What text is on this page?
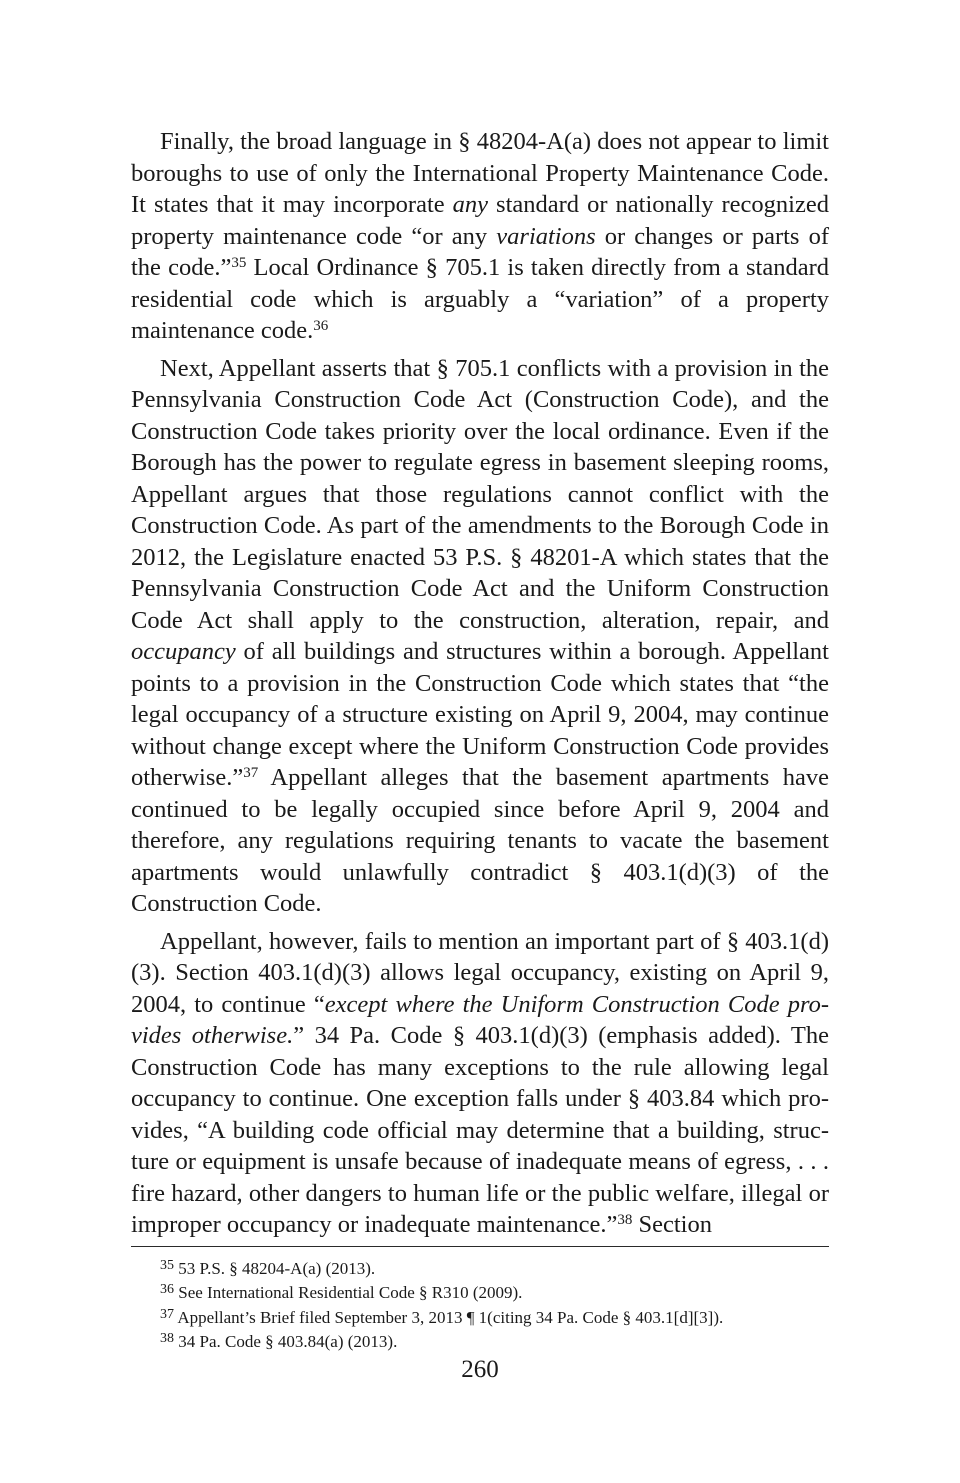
Finally, the broad language in § 48204-A(a) does not appear to limit boroughs to use of only the International Property Maintenance Code. It states that it may incorporate any standard or nationally recognized property maintenance code “or any variations or changes or parts of the code.”$^{35}$ Local Ordinance § 705.1 is taken directly from a standard residential code which is arguably a “variation” of a property maintenance code.$^{36}$

Next, Appellant asserts that § 705.1 conflicts with a provision in the Pennsylvania Construction Code Act (Construction Code), and the Construction Code takes priority over the local ordinance. Even if the Borough has the power to regulate egress in basement sleeping rooms, Appellant argues that those regulations cannot conflict with the Construction Code. As part of the amendments to the Borough Code in 2012, the Legislature enacted 53 P.S. § 48201-A which states that the Pennsylvania Construction Code Act and the Uniform Construction Code Act shall apply to the construction, alteration, repair, and occupancy of all buildings and structures within a borough. Appellant points to a provision in the Construction Code which states that “the legal occupancy of a structure existing on April 9, 2004, may continue without change except where the Uniform Construction Code provides otherwise.”$^{37}$ Appellant alleges that the basement apartments have continued to be legally occupied since before April 9, 2004 and therefore, any regulations requiring tenants to vacate the basement apartments would unlawfully contradict § 403.1(d)(3) of the Construction Code.

Appellant, however, fails to mention an important part of § 403.1(d)(3). Section 403.1(d)(3) allows legal occupancy, existing on April 9, 2004, to continue “except where the Uniform Construction Code provides otherwise.” 34 Pa. Code § 403.1(d)(3) (emphasis added). The Construction Code has many exceptions to the rule allowing legal occupancy to continue. One exception falls under § 403.84 which provides, “A building code official may determine that a building, structure or equipment is unsafe because of inadequate means of egress, . . . fire hazard, other dangers to human life or the public welfare, illegal or improper occupancy or inadequate maintenance.”$^{38}$ Section

$^{35}$ 53 P.S. § 48204-A(a) (2013).
$^{36}$ See International Residential Code § R310 (2009).
$^{37}$ Appellant’s Brief filed September 3, 2013 ¶ 1(citing 34 Pa. Code § 403.1[d][3]).
$^{38}$ 34 Pa. Code § 403.84(a) (2013).
260
